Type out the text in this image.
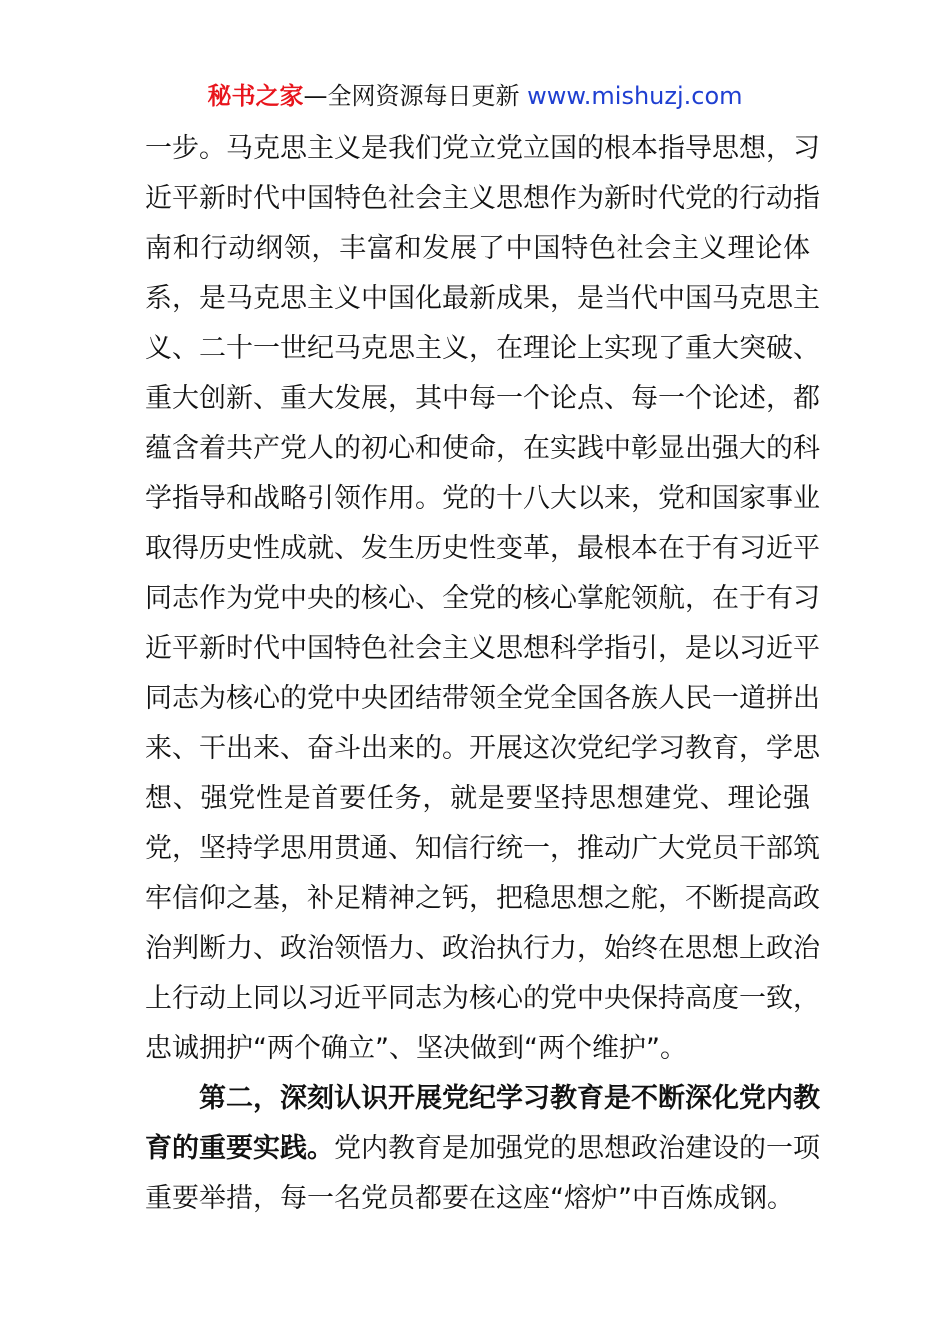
秘书之家—全网资源每日更新 www.mishuzj.com
一步。马克思主义是我们党立党立国的根本指导思想，习
近平新时代中国特色社会主义思想作为新时代党的行动指
南和行动纲领，丰富和发展了中国特色社会主义理论体
系，是马克思主义中国化最新成果，是当代中国马克思主
义、二十一世纪马克思主义，在理论上实现了重大突破、
重大创新、重大发展，其中每一个论点、每一个论述，都
蕴含着共产党人的初心和使命，在实践中彰显出强大的科
学指导和战略引领作用。党的十八大以来，党和国家事业
取得历史性成就、发生历史性变革，最根本在于有习近平
同志作为党中央的核心、全党的核心掌舵领航，在于有习
近平新时代中国特色社会主义思想科学指引，是以习近平
同志为核心的党中央团结带领全党全国各族人民一道拼出
来、干出来、奋斗出来的。开展这次党纪学习教育，学思
想、强党性是首要任务，就是要坚持思想建党、理论强
党，坚持学思用贯通、知信行统一，推动广大党员干部筑
牢信仰之基，补足精神之钙，把稳思想之舵，不断提高政
治判断力、政治领悟力、政治执行力，始终在思想上政治
上行动上同以习近平同志为核心的党中央保持高度一致，
忠诚拥护“两个确立”、坚决做到“两个维护”。
第二，深刻认识开展党纪学习教育是不断深化党内教
育的重要实践。党内教育是加强党的思想政治建设的一项
重要举措，每一名党员都要在这座“熔炉”中百炼成钢。
